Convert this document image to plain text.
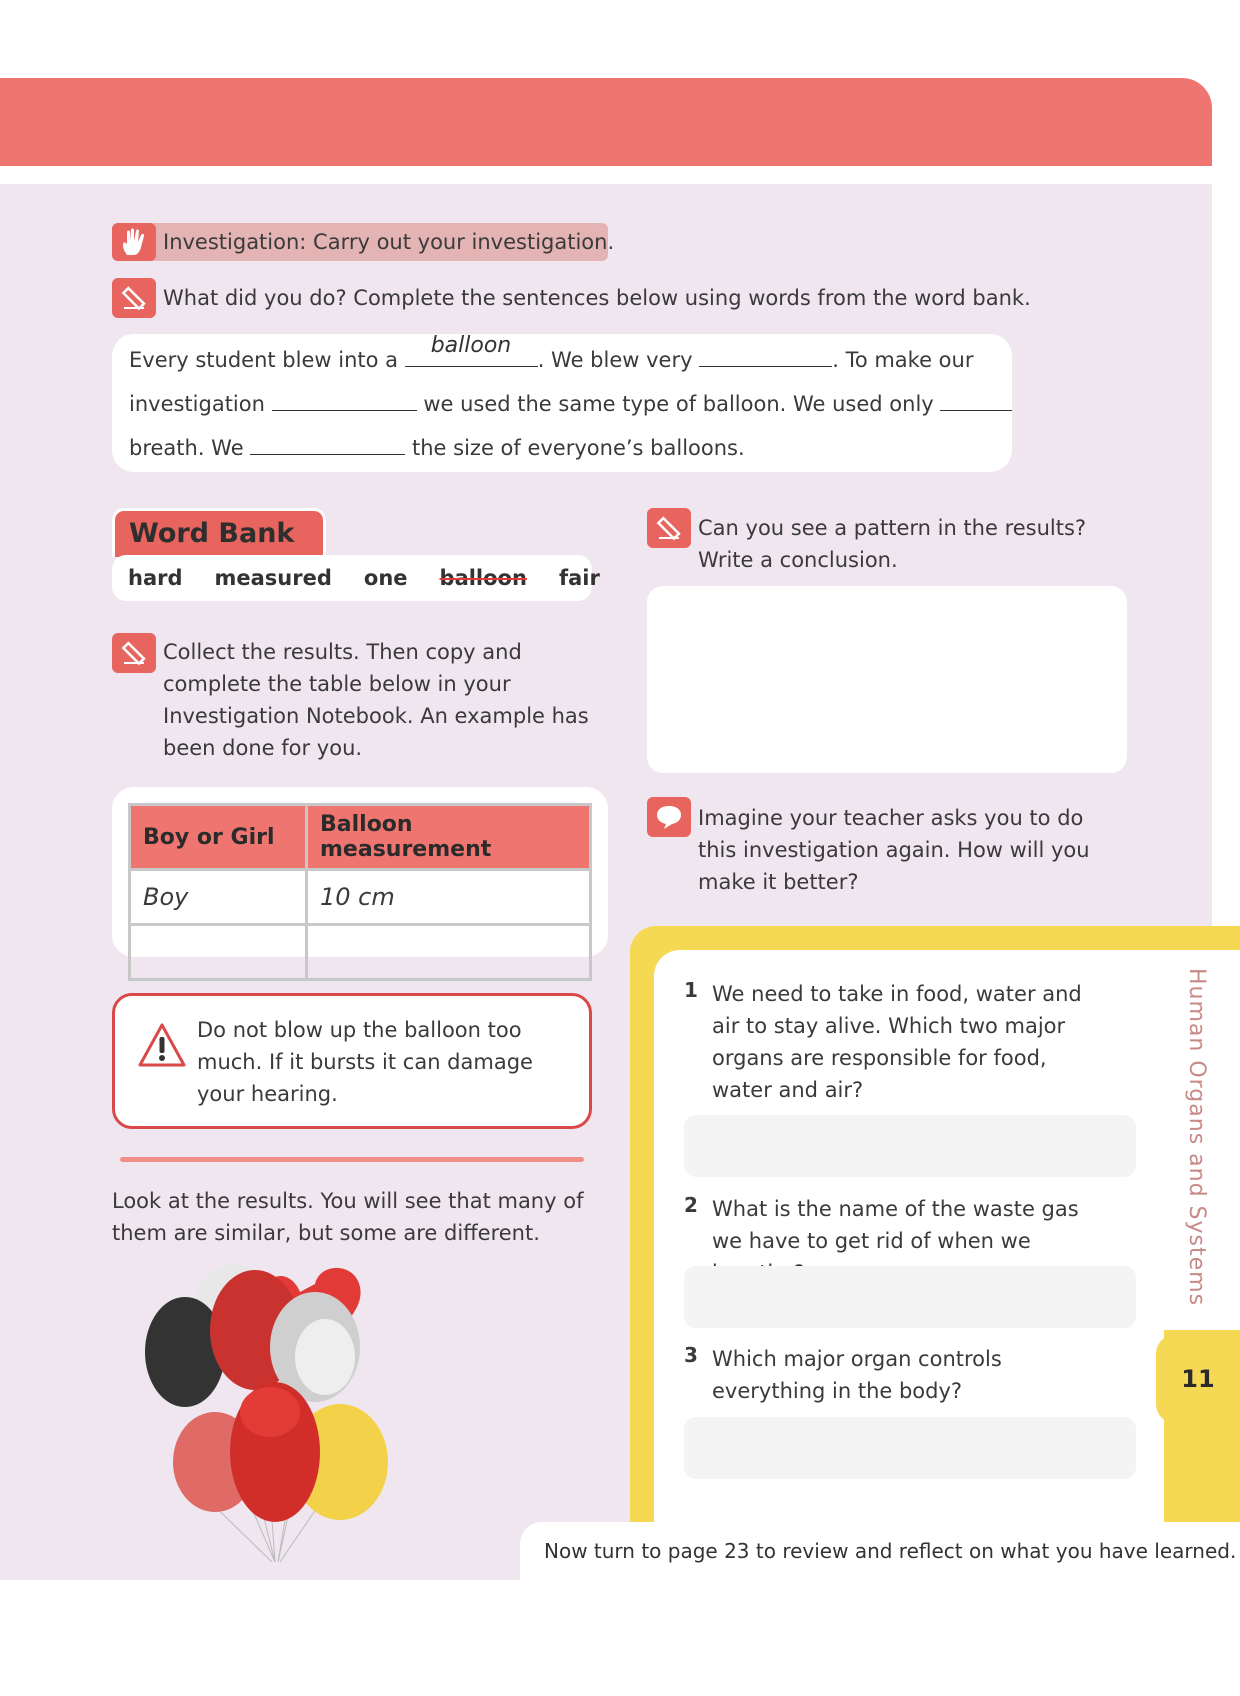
Investigation: Carry out your investigation.
What did you do? Complete the sentences below using words from the word bank.
Every student blew into a
balloon
. We blew very	. To make our
investigation	we used the same type of balloon. We used only
breath. We	the size of everyone’s balloons.
Word Bank
hard measured one balloon fair
Collect the results. Then copy and complete the table below in your Investigation Notebook. An example has been done for you.
Boy or Girl	Balloon measurement
Boy	10 cm

Do not blow up the balloon too much. If it bursts it can damage your hearing.
Look at the results. You will see that many of them are similar, but some are different.
Can you see a pattern in the results? Write a conclusion.
Imagine your teacher asks you to do this investigation again. How will you make it better?
1 We need to take in food, water and air to stay alive. Which two major organs are responsible for food, water and air?
2 What is the name of the waste gas we have to get rid of when we
3 Which major organ controls everything in the body?
Human Organs and Systems
11
Now turn to page 23 to review and reflect on what you have learned.
